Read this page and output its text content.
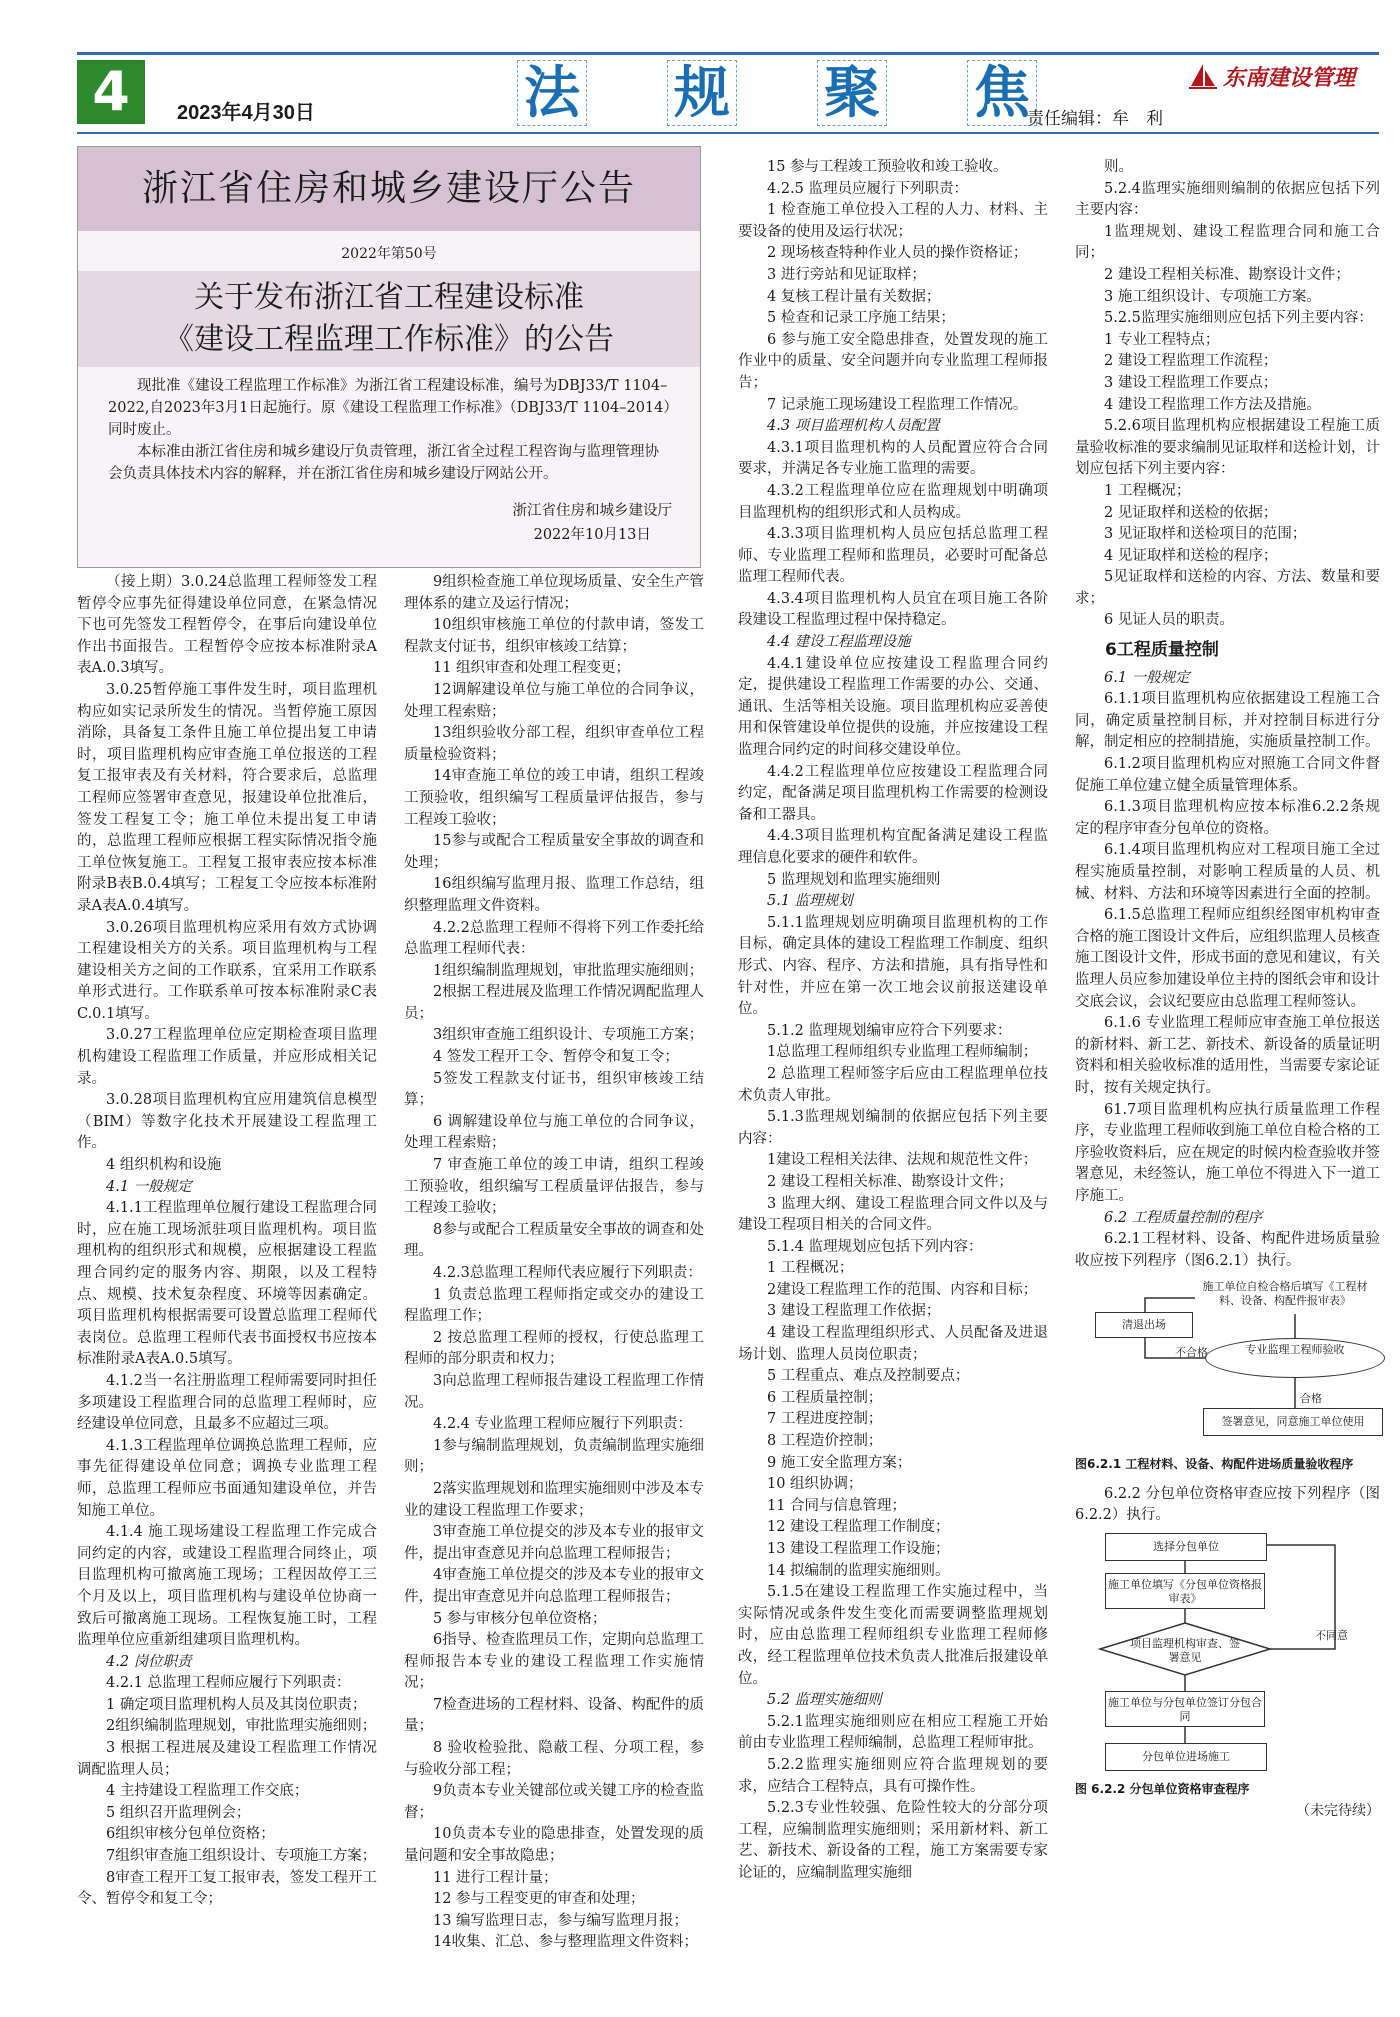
4	2023年4月30日	法 规 聚 焦	东南建设管理
责任编辑：牟　利
浙江省住房和城乡建设厅公告
2022年第50号
关于发布浙江省工程建设标准
《建设工程监理工作标准》的公告
现批准《建设工程监理工作标准》为浙江省工程建设标准，编号为DBJ33/T 1104–2022,自2023年3月1日起施行。原《建设工程监理工作标准》（DBJ33/T 1104–2014）同时废止。
本标准由浙江省住房和城乡建设厅负责管理，浙江省全过程工程咨询与监理管理协会负责具体技术内容的解释，并在浙江省住房和城乡建设厅网站公开。
浙江省住房和城乡建设厅
2022年10月13日

（接上期）3.0.24总监理工程师签发工程暂停令应事先征得建设单位同意，在紧急情况下也可先签发工程暂停令，在事后向建设单位作出书面报告。工程暂停令应按本标准附录A表A.0.3填写。

3.0.25暂停施工事件发生时，项目监理机构应如实记录所发生的情况。当暂停施工原因消除，具备复工条件且施工单位提出复工申请时，项目监理机构应审查施工单位报送的工程复工报审表及有关材料，符合要求后，总监理工程师应签署审查意见，报建设单位批准后，签发工程复工令；施工单位未提出复工申请的，总监理工程师应根据工程实际情况指令施工单位恢复施工。工程复工报审表应按本标准附录B表B.0.4填写；工程复工令应按本标准附录A表A.0.4填写。

3.0.26项目监理机构应采用有效方式协调工程建设相关方的关系。项目监理机构与工程建设相关方之间的工作联系，宜采用工作联系单形式进行。工作联系单可按本标准附录C表C.0.1填写。

3.0.27工程监理单位应定期检查项目监理机构建设工程监理工作质量，并应形成相关记录。

3.0.28项目监理机构宜应用建筑信息模型（BIM）等数字化技术开展建设工程监理工作。

4 组织机构和设施

4.1 一般规定

4.1.1工程监理单位履行建设工程监理合同时，应在施工现场派驻项目监理机构。项目监理机构的组织形式和规模，应根据建设工程监理合同约定的服务内容、期限，以及工程特点、规模、技术复杂程度、环境等因素确定。项目监理机构根据需要可设置总监理工程师代表岗位。总监理工程师代表书面授权书应按本标准附录A表A.0.5填写。

4.1.2当一名注册监理工程师需要同时担任多项建设工程监理合同的总监理工程师时，应经建设单位同意，且最多不应超过三项。

4.1.3工程监理单位调换总监理工程师，应事先征得建设单位同意；调换专业监理工程师，总监理工程师应书面通知建设单位，并告知施工单位。

4.1.4 施工现场建设工程监理工作完成合同约定的内容，或建设工程监理合同终止，项目监理机构可撤离施工现场；工程因故停工三个月及以上，项目监理机构与建设单位协商一致后可撤离施工现场。工程恢复施工时，工程监理单位应重新组建项目监理机构。

4.2 岗位职责

4.2.1 总监理工程师应履行下列职责：

1 确定项目监理机构人员及其岗位职责；

2组织编制监理规划，审批监理实施细则；

3 根据工程进展及建设工程监理工作情况调配监理人员；

4 主持建设工程监理工作交底；

5 组织召开监理例会；

6组织审核分包单位资格；

7组织审查施工组织设计、专项施工方案；

8审查工程开工复工报审表，签发工程开工令、暂停令和复工令；

9组织检查施工单位现场质量、安全生产管理体系的建立及运行情况；

10组织审核施工单位的付款申请，签发工程款支付证书，组织审核竣工结算；

11 组织审查和处理工程变更；

12调解建设单位与施工单位的合同争议，处理工程索赔；

13组织验收分部工程，组织审查单位工程质量检验资料；

14审查施工单位的竣工申请，组织工程竣工预验收，组织编写工程质量评估报告，参与工程竣工验收；

15参与或配合工程质量安全事故的调查和处理；

16组织编写监理月报、监理工作总结，组织整理监理文件资料。

4.2.2总监理工程师不得将下列工作委托给总监理工程师代表：

1组织编制监理规划，审批监理实施细则；

2根据工程进展及监理工作情况调配监理人员；

3组织审查施工组织设计、专项施工方案；

4 签发工程开工令、暂停令和复工令；

5签发工程款支付证书，组织审核竣工结算；

6 调解建设单位与施工单位的合同争议，处理工程索赔；

7 审查施工单位的竣工申请，组织工程竣工预验收，组织编写工程质量评估报告，参与工程竣工验收；

8参与或配合工程质量安全事故的调查和处理。

4.2.3总监理工程师代表应履行下列职责：

1 负责总监理工程师指定或交办的建设工程监理工作；

2 按总监理工程师的授权，行使总监理工程师的部分职责和权力；

3向总监理工程师报告建设工程监理工作情况。

4.2.4 专业监理工程师应履行下列职责：

1参与编制监理规划，负责编制监理实施细则；

2落实监理规划和监理实施细则中涉及本专业的建设工程监理工作要求；

3审查施工单位提交的涉及本专业的报审文件，提出审查意见并向总监理工程师报告；

4审查施工单位提交的涉及本专业的报审文件，提出审查意见并向总监理工程师报告；

5 参与审核分包单位资格；

6指导、检查监理员工作，定期向总监理工程师报告本专业的建设工程监理工作实施情况；

7检查进场的工程材料、设备、构配件的质量；

8 验收检验批、隐蔽工程、分项工程，参与验收分部工程；

9负责本专业关键部位或关键工序的检查监督；

10负责本专业的隐患排查，处置发现的质量问题和安全事故隐患；

11 进行工程计量；

12 参与工程变更的审查和处理；

13 编写监理日志，参与编写监理月报；

14收集、汇总、参与整理监理文件资料；

15 参与工程竣工预验收和竣工验收。

4.2.5 监理员应履行下列职责：

1 检查施工单位投入工程的人力、材料、主要设备的使用及运行状况；

2 现场核查特种作业人员的操作资格证；

3 进行旁站和见证取样；

4 复核工程计量有关数据；

5 检查和记录工序施工结果；

6 参与施工安全隐患排查，处置发现的施工作业中的质量、安全问题并向专业监理工程师报告；

7 记录施工现场建设工程监理工作情况。

4.3 项目监理机构人员配置

4.3.1项目监理机构的人员配置应符合合同要求，并满足各专业施工监理的需要。

4.3.2工程监理单位应在监理规划中明确项目监理机构的组织形式和人员构成。

4.3.3项目监理机构人员应包括总监理工程师、专业监理工程师和监理员，必要时可配备总监理工程师代表。

4.3.4项目监理机构人员宜在项目施工各阶段建设工程监理过程中保持稳定。

4.4 建设工程监理设施

4.4.1建设单位应按建设工程监理合同约定，提供建设工程监理工作需要的办公、交通、通讯、生活等相关设施。项目监理机构应妥善使用和保管建设单位提供的设施，并应按建设工程监理合同约定的时间移交建设单位。

4.4.2工程监理单位应按建设工程监理合同约定，配备满足项目监理机构工作需要的检测设备和工器具。

4.4.3项目监理机构宜配备满足建设工程监理信息化要求的硬件和软件。

5 监理规划和监理实施细则

5.1 监理规划

5.1.1监理规划应明确项目监理机构的工作目标，确定具体的建设工程监理工作制度、组织形式、内容、程序、方法和措施，具有指导性和针对性，并应在第一次工地会议前报送建设单位。

5.1.2 监理规划编审应符合下列要求：

1总监理工程师组织专业监理工程师编制；

2 总监理工程师签字后应由工程监理单位技术负责人审批。

5.1.3监理规划编制的依据应包括下列主要内容：

1建设工程相关法律、法规和规范性文件；

2 建设工程相关标准、勘察设计文件；

3 监理大纲、建设工程监理合同文件以及与建设工程项目相关的合同文件。

5.1.4 监理规划应包括下列内容：

1 工程概况；

2建设工程监理工作的范围、内容和目标；

3 建设工程监理工作依据；

4 建设工程监理组织形式、人员配备及进退场计划、监理人员岗位职责；

5 工程重点、难点及控制要点；

6 工程质量控制；

7 工程进度控制；

8 工程造价控制；

9 施工安全监理方案；

10 组织协调；

11 合同与信息管理；

12 建设工程监理工作制度；

13 建设工程监理工作设施；

14 拟编制的监理实施细则。

5.1.5在建设工程监理工作实施过程中，当实际情况或条件发生变化而需要调整监理规划时，应由总监理工程师组织专业监理工程师修改，经工程监理单位技术负责人批准后报建设单位。

5.2 监理实施细则

5.2.1监理实施细则应在相应工程施工开始前由专业监理工程师编制，总监理工程师审批。

5.2.2监理实施细则应符合监理规划的要求，应结合工程特点，具有可操作性。

5.2.3专业性较强、危险性较大的分部分项工程，应编制监理实施细则；采用新材料、新工艺、新技术、新设备的工程，施工方案需要专家论证的，应编制监理实施细

则。

5.2.4监理实施细则编制的依据应包括下列主要内容：

1监理规划、建设工程监理合同和施工合同；

2 建设工程相关标准、勘察设计文件；

3 施工组织设计、专项施工方案。

5.2.5监理实施细则应包括下列主要内容：

1 专业工程特点；

2 建设工程监理工作流程；

3 建设工程监理工作要点；

4 建设工程监理工作方法及措施。

5.2.6项目监理机构应根据建设工程施工质量验收标准的要求编制见证取样和送检计划，计划应包括下列主要内容：

1 工程概况；

2 见证取样和送检的依据；

3 见证取样和送检项目的范围；

4 见证取样和送检的程序；

5见证取样和送检的内容、方法、数量和要求；

6 见证人员的职责。

6工程质量控制

6.1 一般规定

6.1.1项目监理机构应依据建设工程施工合同，确定质量控制目标，并对控制目标进行分解，制定相应的控制措施，实施质量控制工作。

6.1.2项目监理机构应对照施工合同文件督促施工单位建立健全质量管理体系。

6.1.3项目监理机构应按本标准6.2.2条规定的程序审查分包单位的资格。

6.1.4项目监理机构应对工程项目施工全过程实施质量控制，对影响工程质量的人员、机械、材料、方法和环境等因素进行全面的控制。

6.1.5总监理工程师应组织经图审机构审查合格的施工图设计文件后，应组织监理人员核查施工图设计文件，形成书面的意见和建议，有关监理人员应参加建设单位主持的图纸会审和设计交底会议，会议纪要应由总监理工程师签认。

6.1.6 专业监理工程师应审查施工单位报送的新材料、新工艺、新技术、新设备的质量证明资料和相关验收标准的适用性，当需要专家论证时，按有关规定执行。

61.7项目监理机构应执行质量监理工作程序，专业监理工程师收到施工单位自检合格的工序验收资料后，应在规定的时候内检查验收并签署意见，未经签认，施工单位不得进入下一道工序施工。

6.2 工程质量控制的程序

6.2.1工程材料、设备、构配件进场质量验收应按下列程序（图6.2.1）执行。

施工单位自检合格后填写《工程材料、设备、构配件报审表》
清退出场
专业监理工程师验收
签署意见，同意施工单位使用
不合格
合格

图6.2.1 工程材料、设备、构配件进场质量验收程序

6.2.2 分包单位资格审查应按下列程序（图6.2.2）执行。

选择分包单位
施工单位填写《分包单位资格报审表》
项目监理机构审查、签署意见
施工单位与分包单位签订分包合同
分包单位进场施工
不同意

图 6.2.2 分包单位资格审查程序

（未完待续）
